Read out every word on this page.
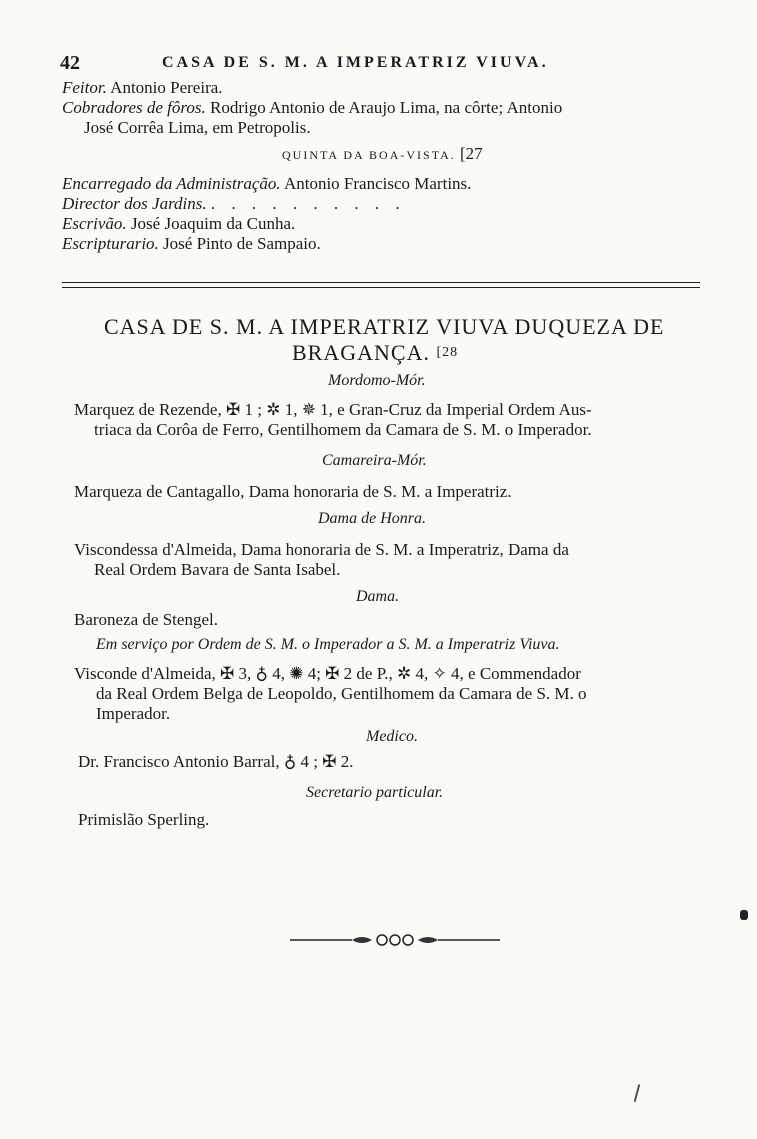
42	CASA DE S. M. A IMPERATRIZ VIUVA.
Feitor. Antonio Pereira.
Cobradores de fôros. Rodrigo Antonio de Araujo Lima, na côrte; Antonio
José Corrêa Lima, em Petropolis.
QUINTA DA BOA-VISTA. [27
Encarregado da Administração. Antonio Francisco Martins.
Director dos Jardins. . . . . . . . . . .
Escrivão. José Joaquim da Cunha.
Escripturario. José Pinto de Sampaio.
CASA DE S. M. A IMPERATRIZ VIUVA DUQUEZA DE
BRAGANÇA. $^{[28}$
Mordomo-Mór.
Marquez de Rezende, ✠ 1 ; ✲ 1, ✵ 1, e Gran-Cruz da Imperial Ordem Aus-
triaca da Corôa de Ferro, Gentilhomem da Camara de S. M. o Imperador.
Camareira-Mór.
Marqueza de Cantagallo, Dama honoraria de S. M. a Imperatriz.
Dama de Honra.
Viscondessa d'Almeida, Dama honoraria de S. M. a Imperatriz, Dama da
Real Ordem Bavara de Santa Isabel.
Dama.
Baroneza de Stengel.
Em serviço por Ordem de S. M. o Imperador a S. M. a Imperatriz Viuva.
Visconde d'Almeida, ✠ 3, ♁ 4, ✺ 4; ✠ 2 de P., ✲ 4, ✧ 4, e Commendador
da Real Ordem Belga de Leopoldo, Gentilhomem da Camara de S. M. o
Imperador.
Medico.
Dr. Francisco Antonio Barral, ♁ 4 ; ✠ 2.
Secretario particular.
Primislão Sperling.
